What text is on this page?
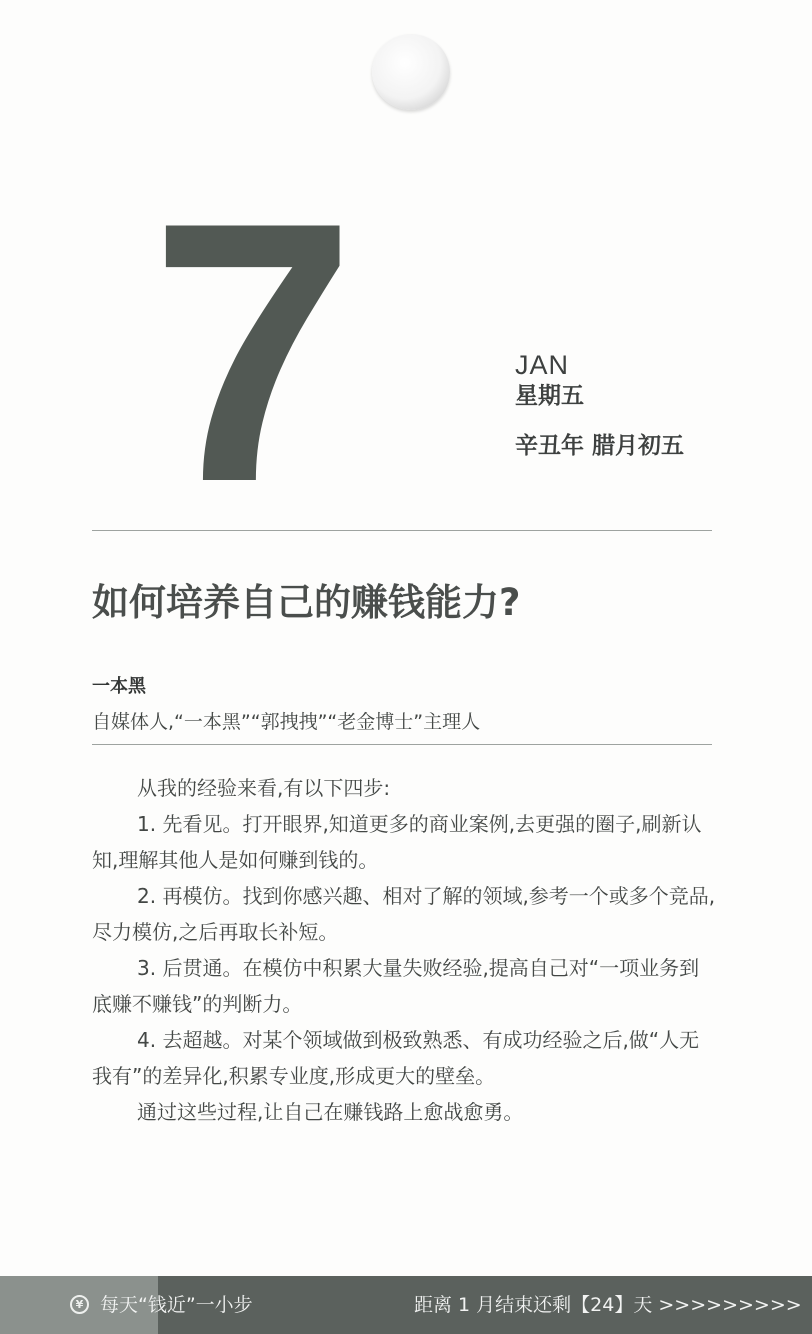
7	JAN
星期五
辛丑年 腊月初五
如何培养自己的赚钱能力?
一本黑
自媒体人,“一本黑”“郭拽拽”“老金博士”主理人

从我的经验来看,有以下四步:

1. 先看见。打开眼界,知道更多的商业案例,去更强的圈子,刷新认知,理解其他人是如何赚到钱的。

2. 再模仿。找到你感兴趣、相对了解的领域,参考一个或多个竞品,尽力模仿,之后再取长补短。

3. 后贯通。在模仿中积累大量失败经验,提高自己对“一项业务到底赚不赚钱”的判断力。

4. 去超越。对某个领域做到极致熟悉、有成功经验之后,做“人无我有”的差异化,积累专业度,形成更大的壁垒。

通过这些过程,让自己在赚钱路上愈战愈勇。

¥ 每天“钱近”一小步	距离 1 月结束还剩【24】天 >>>>>>>>>
